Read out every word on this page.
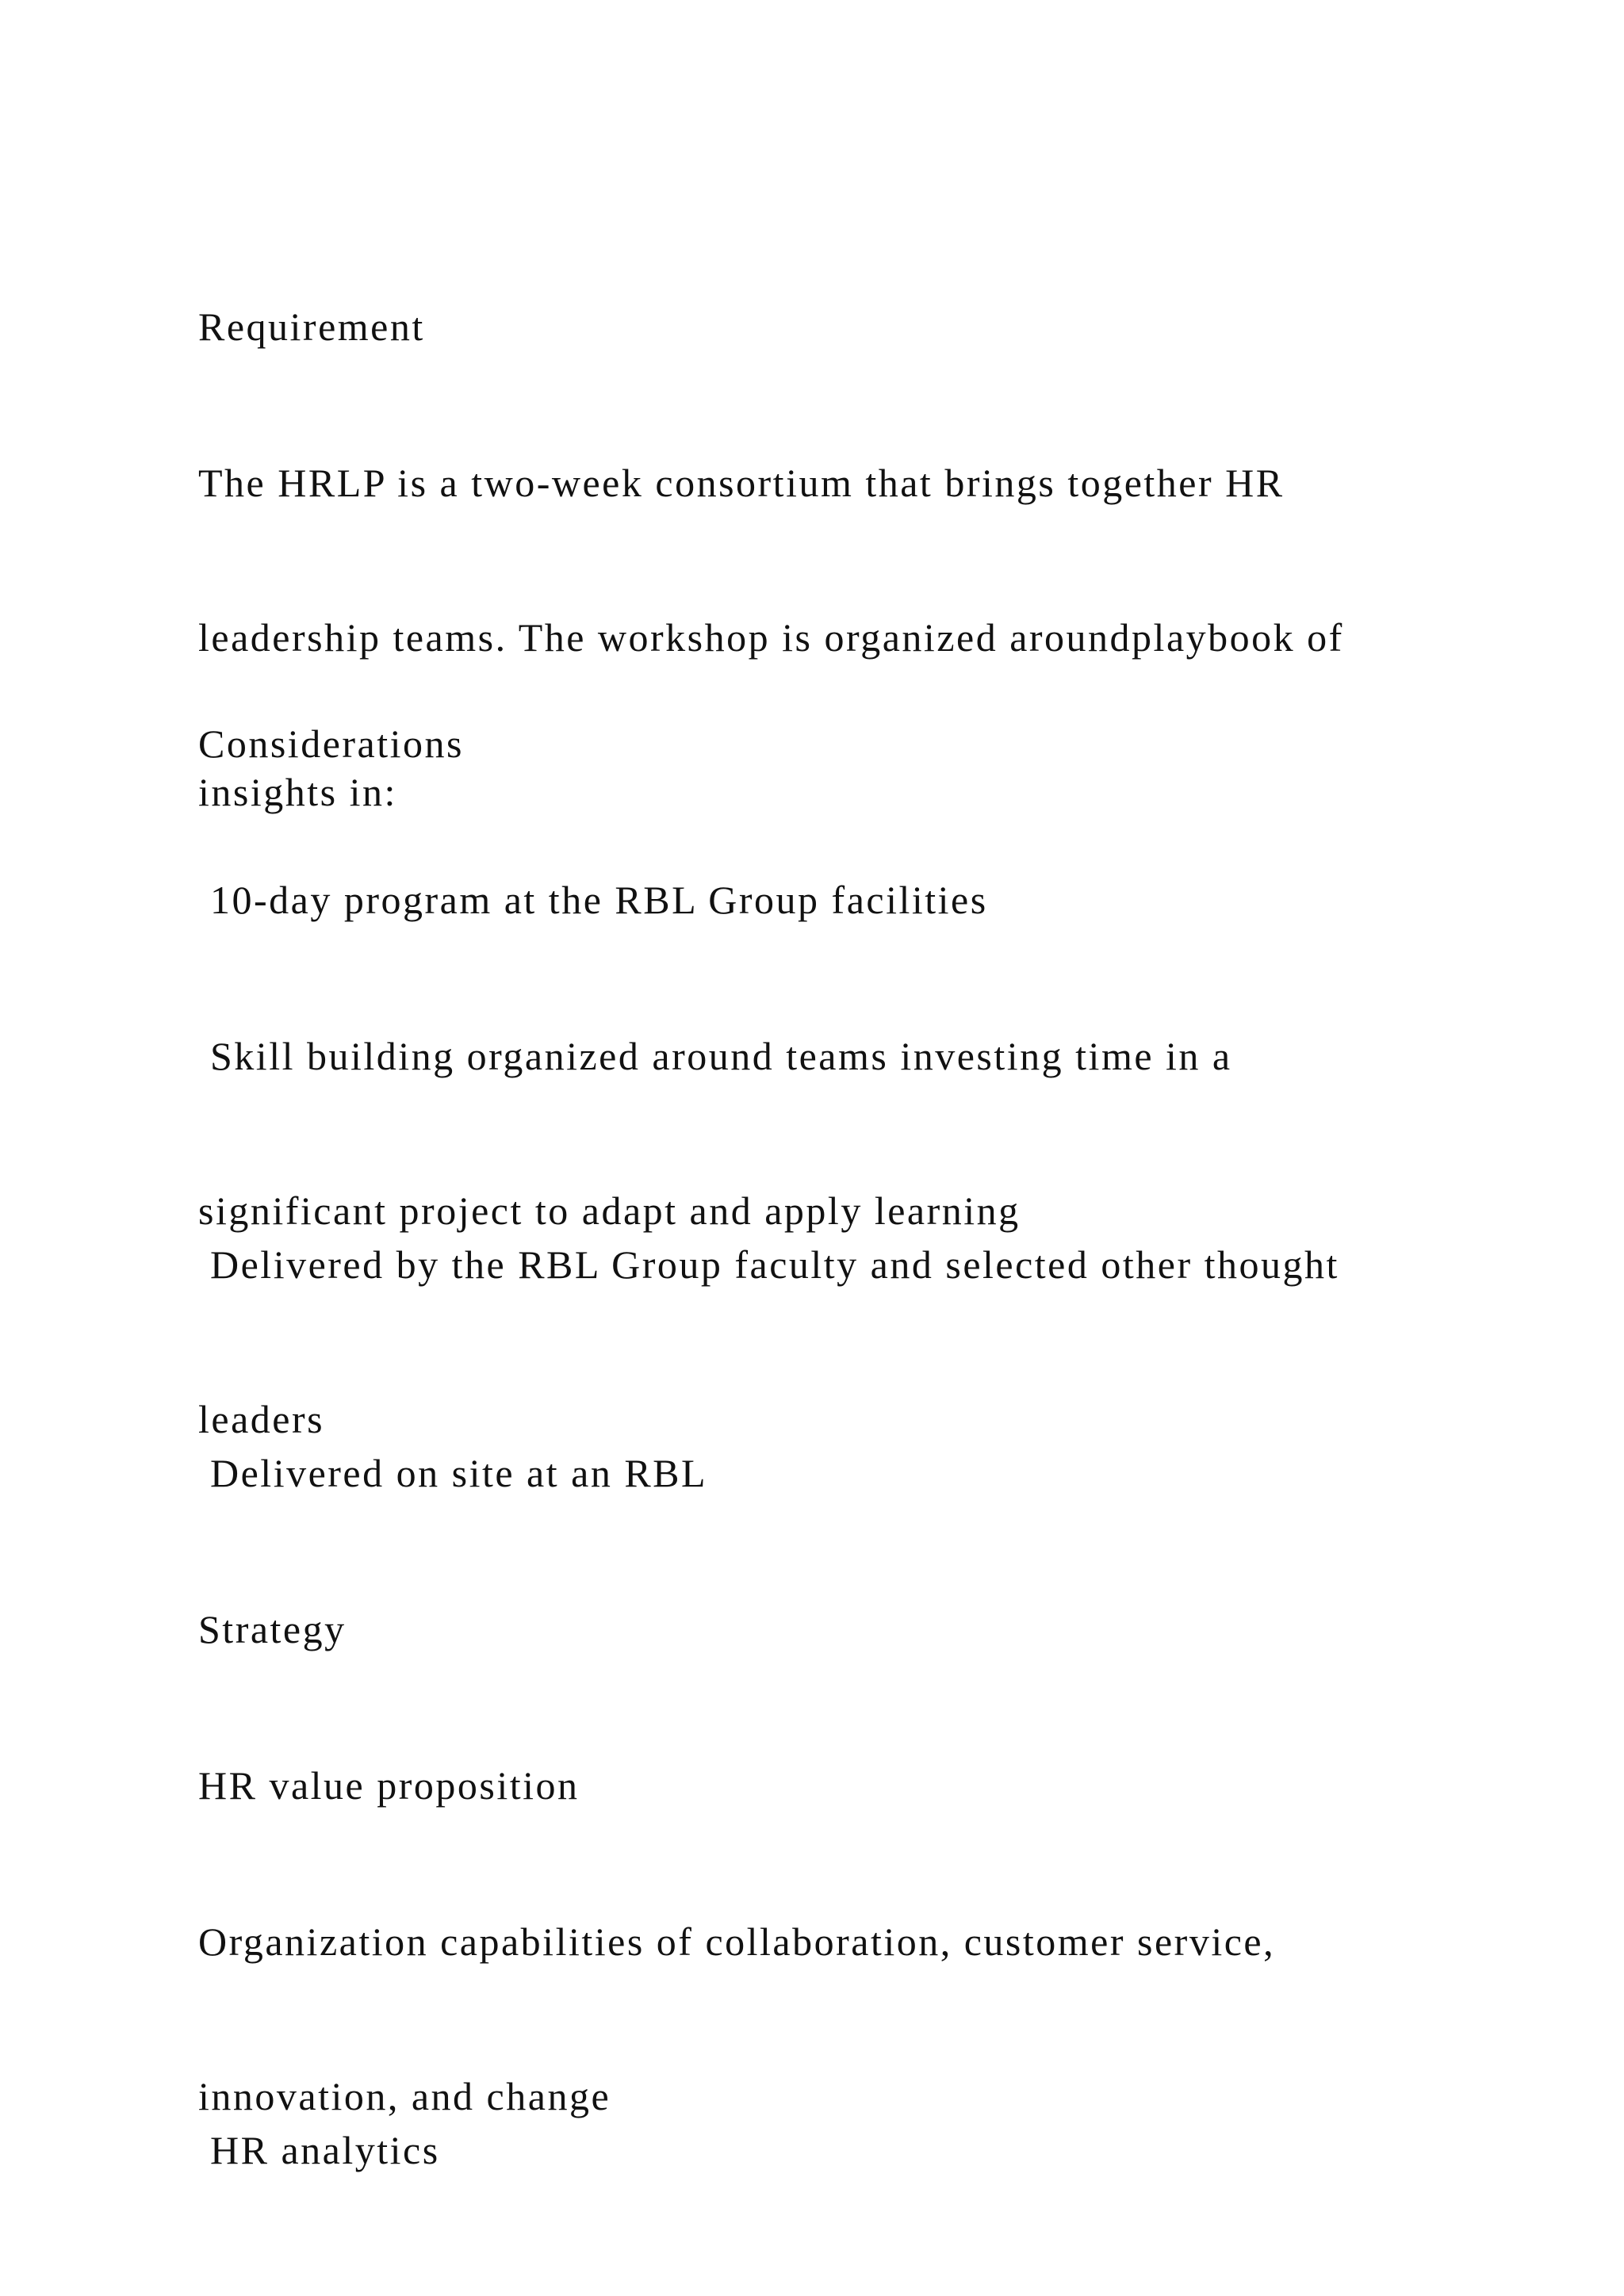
Requirement

The HRLP is a two-week consortium that brings together HR

leadership teams. The workshop is organized aroundplaybook of

insights in:

Considerations

10-day program at the RBL Group facilities

Skill building organized around teams investing time in a

significant project to adapt and apply learning

Delivered by the RBL Group faculty and selected other thought

leaders

Delivered on site at an RBL

Strategy

HR value proposition

Organization capabilities of collaboration, customer service,

innovation, and change

HR analytics
